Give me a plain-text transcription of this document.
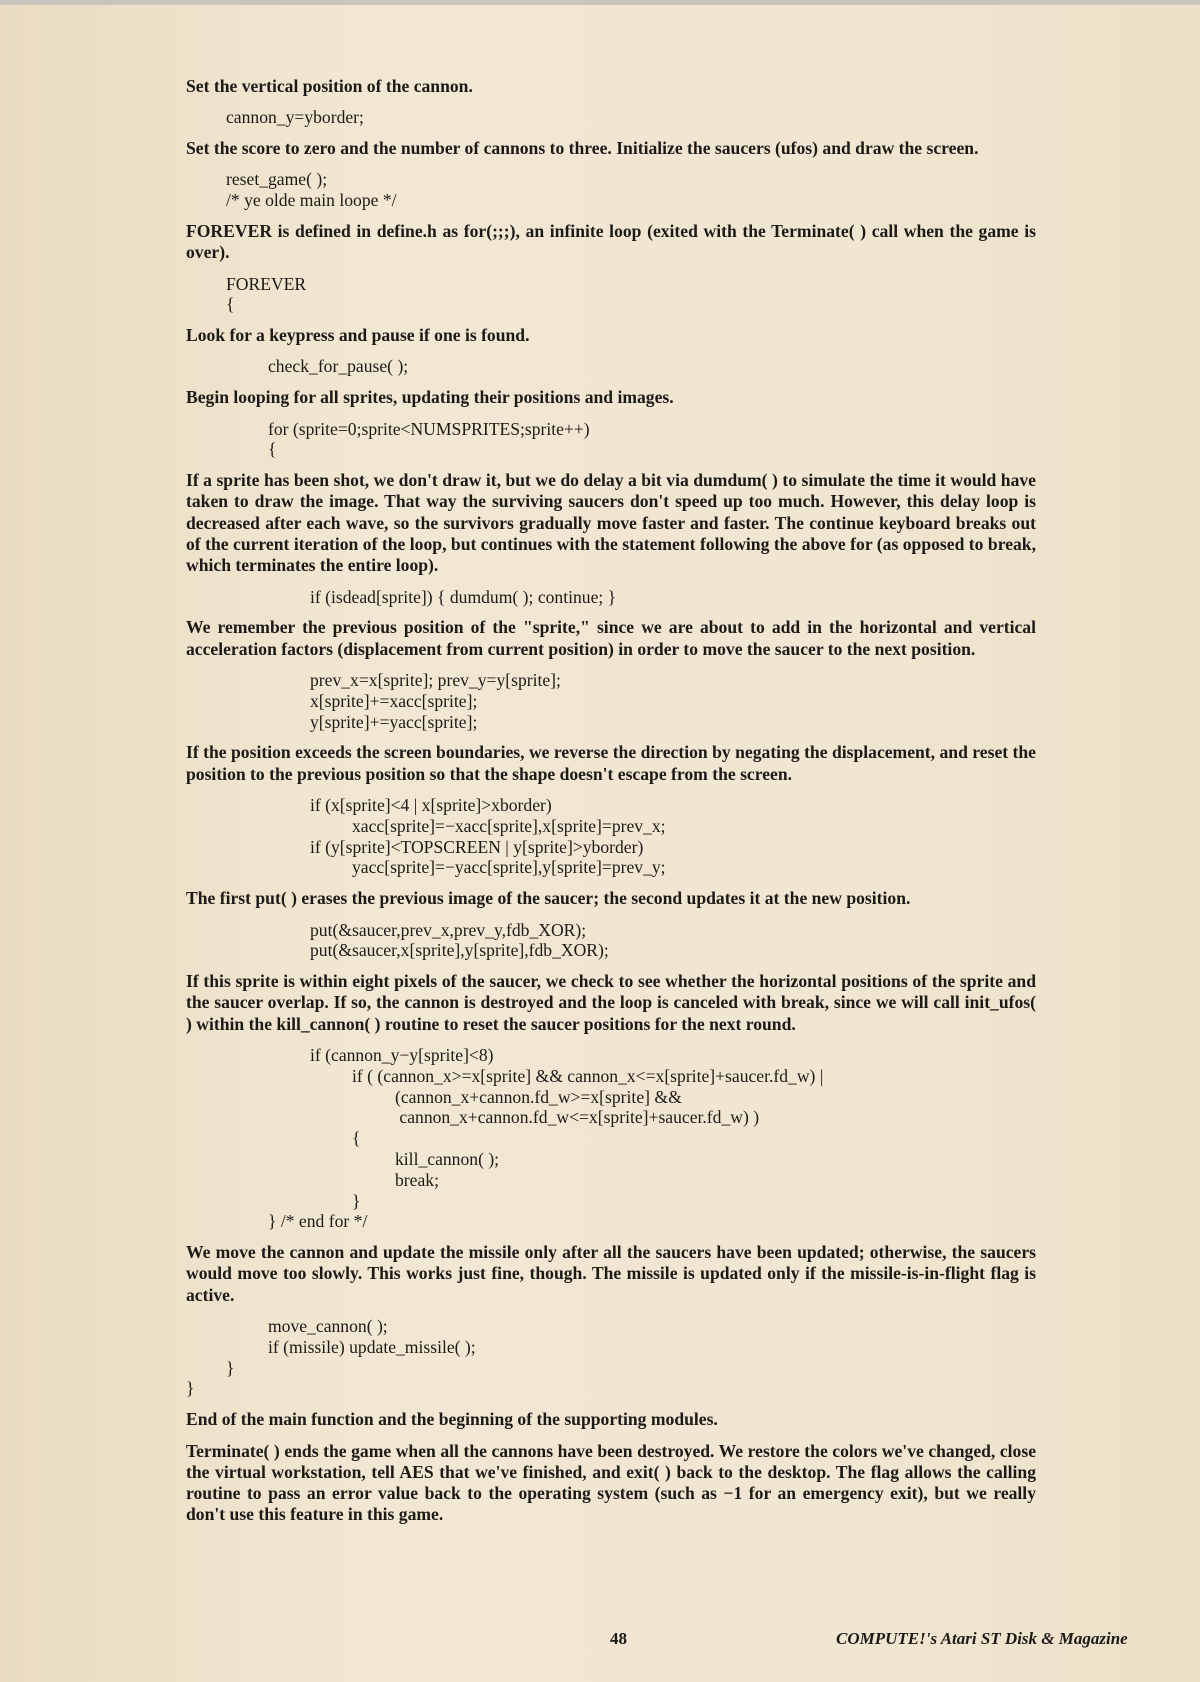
Set the vertical position of the cannon.
cannon_y=yborder;
Set the score to zero and the number of cannons to three. Initialize the saucers (ufos) and draw the screen.
reset_game( );
/* ye olde main loope */
FOREVER is defined in define.h as for(;;;), an infinite loop (exited with the Terminate( ) call when the game is over).
FOREVER
{
Look for a keypress and pause if one is found.
check_for_pause( );
Begin looping for all sprites, updating their positions and images.
for (sprite=0;sprite<NUMSPRITES;sprite++)
{
If a sprite has been shot, we don't draw it, but we do delay a bit via dumdum( ) to simulate the time it would have taken to draw the image. That way the surviving saucers don't speed up too much. However, this delay loop is decreased after each wave, so the survivors gradually move faster and faster. The continue keyboard breaks out of the current iteration of the loop, but continues with the statement following the above for (as opposed to break, which terminates the entire loop).
if (isdead[sprite]) { dumdum( ); continue; }
We remember the previous position of the "sprite," since we are about to add in the horizontal and vertical acceleration factors (displacement from current position) in order to move the saucer to the next position.
prev_x=x[sprite]; prev_y=y[sprite];
x[sprite]+=xacc[sprite];
y[sprite]+=yacc[sprite];
If the position exceeds the screen boundaries, we reverse the direction by negating the displacement, and reset the position to the previous position so that the shape doesn't escape from the screen.
if (x[sprite]<4 | x[sprite]>xborder)
xacc[sprite]=−xacc[sprite],x[sprite]=prev_x;
if (y[sprite]<TOPSCREEN | y[sprite]>yborder)
yacc[sprite]=−yacc[sprite],y[sprite]=prev_y;
The first put( ) erases the previous image of the saucer; the second updates it at the new position.
put(&saucer,prev_x,prev_y,fdb_XOR);
put(&saucer,x[sprite],y[sprite],fdb_XOR);
If this sprite is within eight pixels of the saucer, we check to see whether the horizontal positions of the sprite and the saucer overlap. If so, the cannon is destroyed and the loop is canceled with break, since we will call init_ufos( ) within the kill_cannon( ) routine to reset the saucer positions for the next round.
if (cannon_y−y[sprite]<8)
if ( (cannon_x>=x[sprite] && cannon_x<=x[sprite]+saucer.fd_w) |
(cannon_x+cannon.fd_w>=x[sprite] &&
cannon_x+cannon.fd_w<=x[sprite]+saucer.fd_w) )
{
kill_cannon( );
break;
}
} /* end for */
We move the cannon and update the missile only after all the saucers have been updated; otherwise, the saucers would move too slowly. This works just fine, though. The missile is updated only if the missile-is-in-flight flag is active.
move_cannon( );
if (missile) update_missile( );
}
}
End of the main function and the beginning of the supporting modules.
Terminate( ) ends the game when all the cannons have been destroyed. We restore the colors we've changed, close the virtual workstation, tell AES that we've finished, and exit( ) back to the desktop. The flag allows the calling routine to pass an error value back to the operating system (such as −1 for an emergency exit), but we really don't use this feature in this game.
48	COMPUTE!'s Atari ST Disk & Magazine
